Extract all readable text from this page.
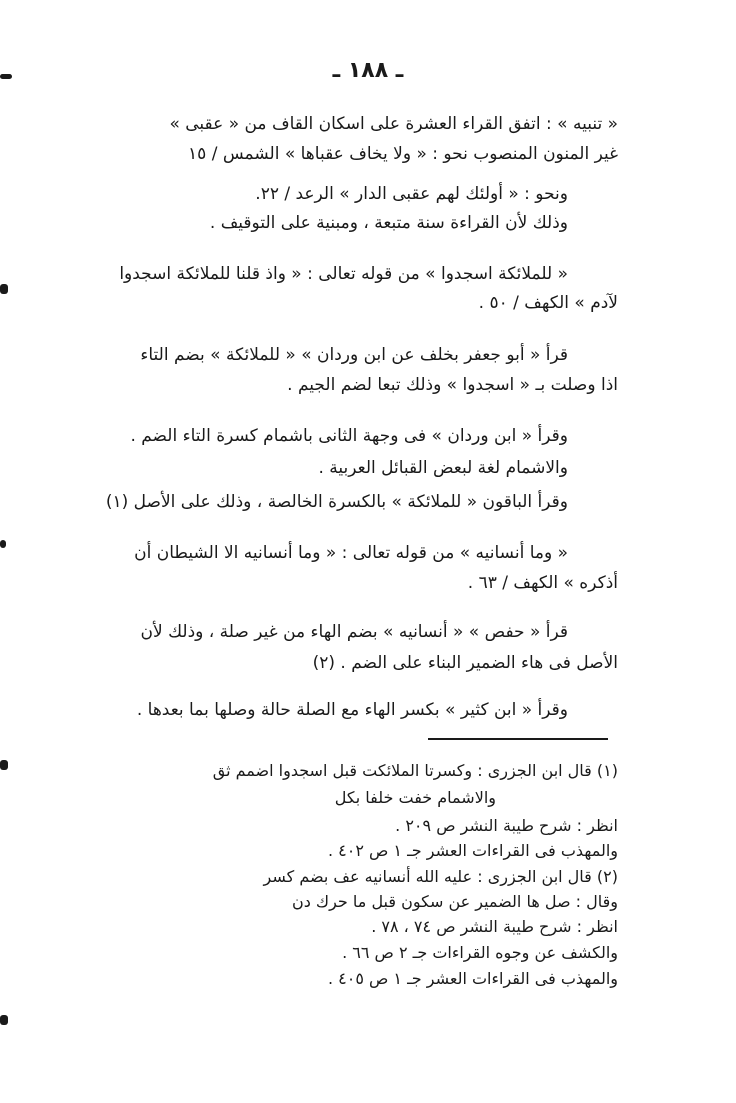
ـ ١٨٨ ـ
« تنبيه » : اتفق القراء العشرة على اسكان القاف من « عقبى »
غير المنون المنصوب نحو : « ولا يخاف عقباها » الشمس / ١٥
ونحو : « أولئك لهم عقبى الدار » الرعد / ٢٢.
وذلك لأن القراءة سنة متبعة ، ومبنية على التوقيف .
« للملائكة اسجدوا » من قوله تعالى : « واذ قلنا للملائكة اسجدوا
لآدم » الكهف / ٥٠ .
قرأ « أبو جعفر بخلف عن ابن وردان » « للملائكة » بضم التاء
اذا وصلت بـ « اسجدوا » وذلك تبعا لضم الجيم .
وقرأ « ابن وردان » فى وجهة الثانى باشمام كسرة التاء الضم .
والاشمام لغة لبعض القبائل العربية .
وقرأ الباقون « للملائكة » بالكسرة الخالصة ، وذلك على الأصل (١)
« وما أنسانيه » من قوله تعالى : « وما أنسانيه الا الشيطان أن
أذكره » الكهف / ٦٣ .
قرأ « حفص » « أنسانيه » بضم الهاء من غير صلة ، وذلك لأن
الأصل فى هاء الضمير البناء على الضم . (٢)
وقرأ « ابن كثير » بكسر الهاء مع الصلة حالة وصلها بما بعدها .
(١) قال ابن الجزرى : وكسرتا الملائكت قبل اسجدوا اضمم ثق
والاشمام خفت خلفا بكل
انظر : شرح طيبة النشر ص ٢٠٩ .
والمهذب فى القراءات العشر جـ ١ ص ٤٠٢ .
(٢) قال ابن الجزرى : عليه الله أنسانيه عف بضم كسر
وقال : صل ها الضمير عن سكون قبل ما حرك دن
انظر : شرح طيبة النشر ص ٧٤ ، ٧٨ .
والكشف عن وجوه القراءات جـ ٢ ص ٦٦ .
والمهذب فى القراءات العشر جـ ١ ص ٤٠٥ .
